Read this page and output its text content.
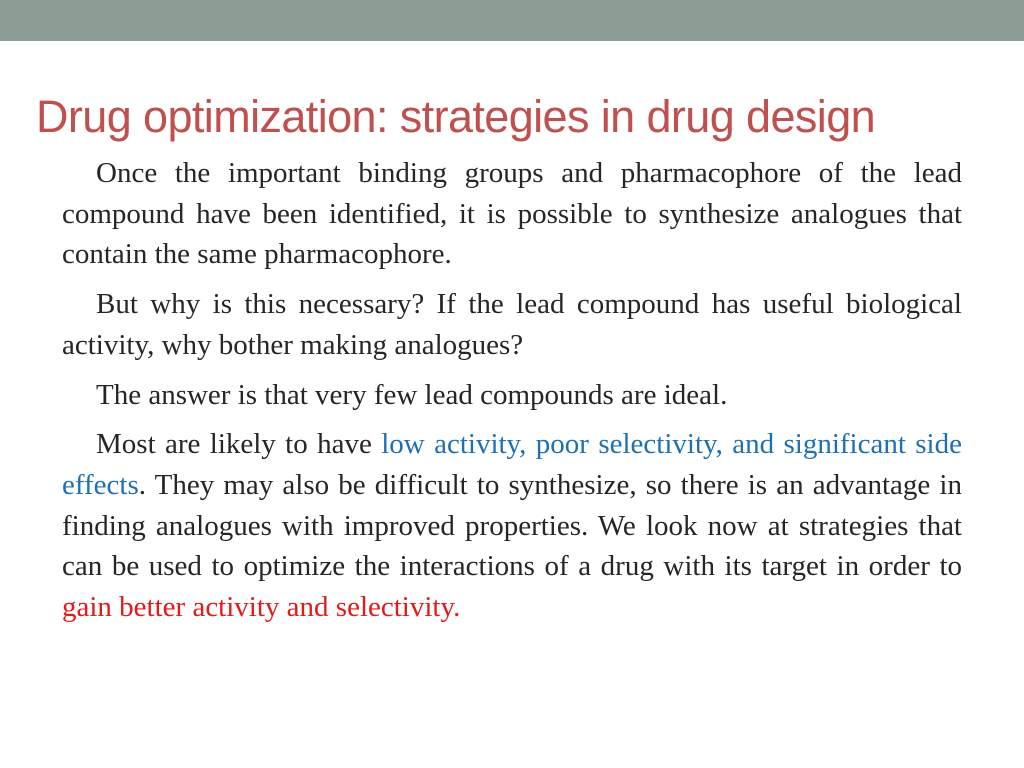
Drug optimization: strategies in drug design

Once the important binding groups and pharmacophore of the lead compound have been identified, it is possible to synthesize analogues that contain the same pharmacophore.

But why is this necessary? If the lead compound has useful biological activity, why bother making analogues?

The answer is that very few lead compounds are ideal.

Most are likely to have low activity, poor selectivity, and significant side effects. They may also be difficult to synthesize, so there is an advantage in finding analogues with improved properties. We look now at strategies that can be used to optimize the interactions of a drug with its target in order to gain better activity and selectivity.
